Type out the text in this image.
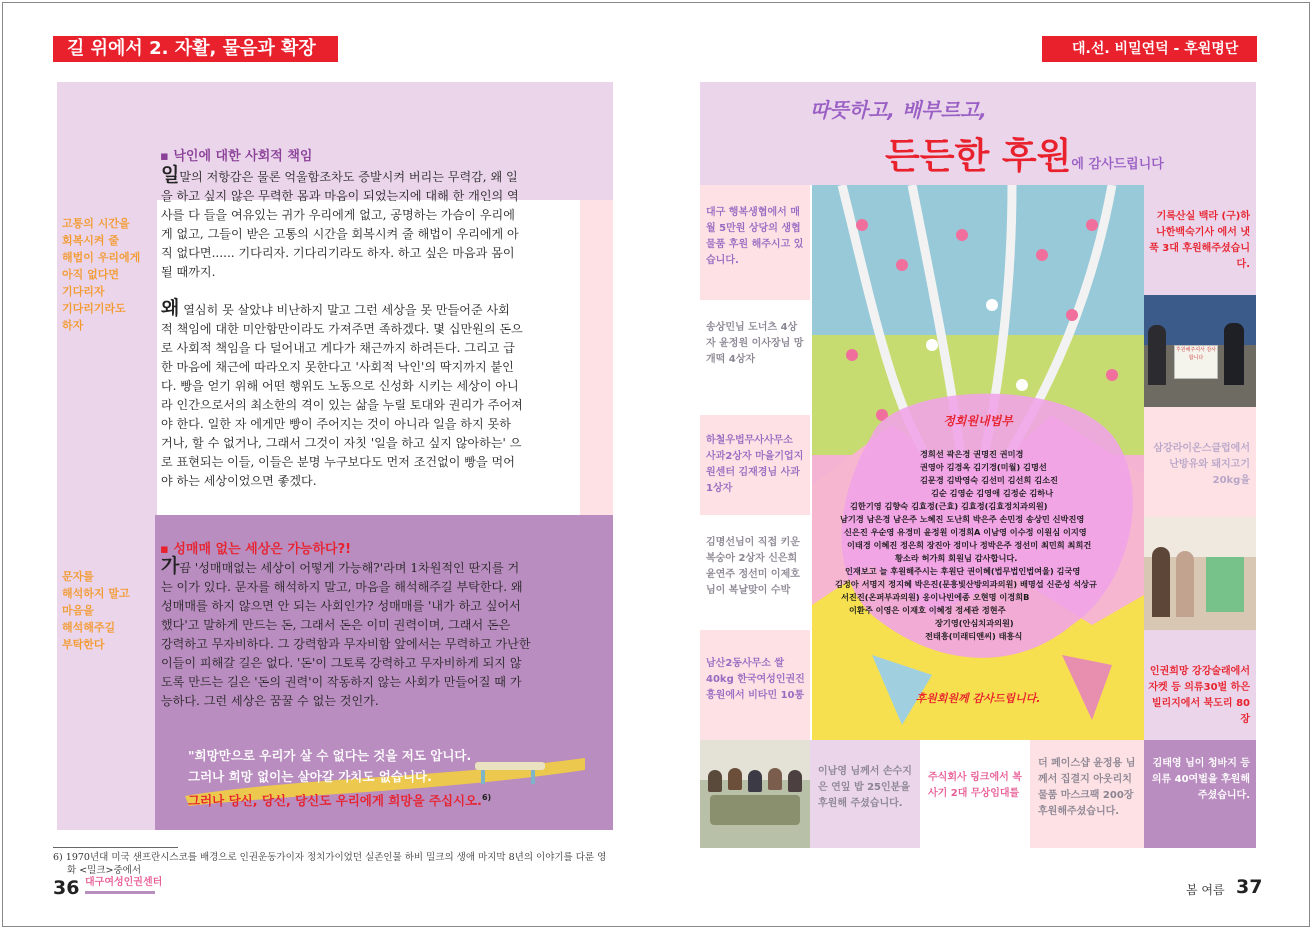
길 위에서 2. 자활, 물음과 확장
고통의 시간을
회복시켜 줄
해법이 우리에게
아직 없다면
기다리자
기다리기라도
하자
문자를
해석하지 말고
마음을
해석해주길
부탁한다
▪ 낙인에 대한 사회적 책임
일말의 저항감은 물론 억울함조차도 증발시켜 버리는 무력감, 왜 일
을 하고 싶지 않은 무력한 몸과 마음이 되었는지에 대해 한 개인의 역
사를 다 들을 여유있는 귀가 우리에게 없고, 공명하는 가슴이 우리에
게 없고, 그들이 받은 고통의 시간을 회복시켜 줄 해법이 우리에게 아
직 없다면...... 기다리자. 기다리기라도 하자. 하고 싶은 마음과 몸이
될 때까지.
왜 열심히 못 살았냐 비난하지 말고 그런 세상을 못 만들어준 사회
적 책임에 대한 미안함만이라도 가져주면 족하겠다. 몇 십만원의 돈으
로 사회적 책임을 다 덜어내고 게다가 채근까지 하려든다. 그리고 급
한 마음에 채근에 따라오지 못한다고 '사회적 낙인'의 딱지까지 붙인
다. 빵을 얻기 위해 어떤 행위도 노동으로 신성화 시키는 세상이 아니
라 인간으로서의 최소한의 격이 있는 삶을 누릴 토대와 권리가 주어져
야 한다. 일한 자 에게만 빵이 주어지는 것이 아니라 일을 하지 못하
거나, 할 수 없거나, 그래서 그것이 자칫 '일을 하고 싶지 않아하는' 으
로 표현되는 이들, 이들은 분명 누구보다도 먼저 조건없이 빵을 먹어
야 하는 세상이었으면 좋겠다.
▪ 성매매 없는 세상은 가능하다?!
가끔 '성매매없는 세상이 어떻게 가능해?'라며 1차원적인 딴지를 거
는 이가 있다. 문자를 해석하지 말고, 마음을 해석해주길 부탁한다. 왜
성매매를 하지 않으면 안 되는 사회인가? 성매매를 '내가 하고 싶어서
했다'고 말하게 만드는 돈, 그래서 돈은 이미 권력이며, 그래서 돈은
강력하고 무자비하다. 그 강력함과 무자비함 앞에서는 무력하고 가난한
이들이 피해갈 길은 없다. '돈'이 그토록 강력하고 무자비하게 되지 않
도록 만드는 길은 '돈의 권력'이 작동하지 않는 사회가 만들어질 때 가
능하다. 그런 세상은 꿈꿀 수 없는 것인가.
"희망만으로 우리가 살 수 없다는 것을 저도 압니다.
그러나 희망 없이는 살아갈 가치도 없습니다.
그러나 당신, 당신, 당신도 우리에게 희망을 주십시오.$^{6)}$
6) 1970년대 미국 샌프란시스코를 배경으로 인권운동가이자 정치가이었던 실존인물 하비 밀크의 생애 마지막 8년의 이야기를 다룬 영
화 <밀크>중에서
36 대구여성인권센터
대.선. 비밀연덕 - 후원명단
따뜻하고, 배부르고,
든든한 후원에 감사드립니다
대구 행복생협에서 매월 5만원 상당의 생협물품 후원 해주시고 있습니다.
송상민님 도너츠 4상자 윤정원 이사장님 망개떡 4상자
하철우법무사사무소 사과2상자 마을기업지원센터 김재경님 사과 1상자
김명선님이 직접 키운 복숭아 2상자 신은희 윤연주 정선미 이제호님이 복날맞이 수박
남산2동사무소 쌀 40kg 한국여성인권진흥원에서 비타민 10통
정회원내법부
경희선 곽은경 권명진 권미경
권영아 김경옥 김기경(미월) 김명선
김문경 김박영숙 김선미 김선희 김소진
김순 김영순 김영애 김정순 김하나
김한기영 김향숙 김효정(근효) 김효정(김효정치과의원)
남기경 남은경 남은주 노혜진 도난희 박은주 손민정 송상민 신박진영
신은진 우순영 유경미 윤정원 이경희A 이남영 이수정 이원심 이지영
이태경 이혜진 정은희 장진아 정미나 정박은주 정선미 최민희 최희건
황소라 허가희 회원님 감사합니다.
인재보고 늘 후원해주시는 후원단 권이혜(법무법인법여울) 김국영
김정아 서명지 정지혜 박은진(문흥빛산방의과의원) 배명섭 신준성 석상규
서진진(온퍼부과의원) 옹이나빈에종 오현명 이경희B
이환주 이영은 이재호 이혜정 정세관 정현주
장기영(안심치과의원)
전태흥(미래티앤씨) 태흥식
후원회원께 감사드립니다.
기록산실 백라 (구)하나한백숙기사 에서 냇푹 3대 후원해주셨습니다.
후원해주셔서 감사합니다
삼강라이온스클럽에서 난방유와 돼지고기 20kg을
인권희망 강강술래에서 자켓 등 의류30벌 하은빌리지에서 북도리 80장
김태영 님이 청바지 등 의류 40여벌을 후원해주셨습니다.
이남영 님께서 손수지은 연잎 밥 25인분을 후원해 주셨습니다.
주식회사 링크에서 복사기 2대 무상임대를
더 페이스샵 윤정용 님께서 집결지 아웃리치 물품 마스크팩 200장 후원해주셨습니다.
봄 여름 37
